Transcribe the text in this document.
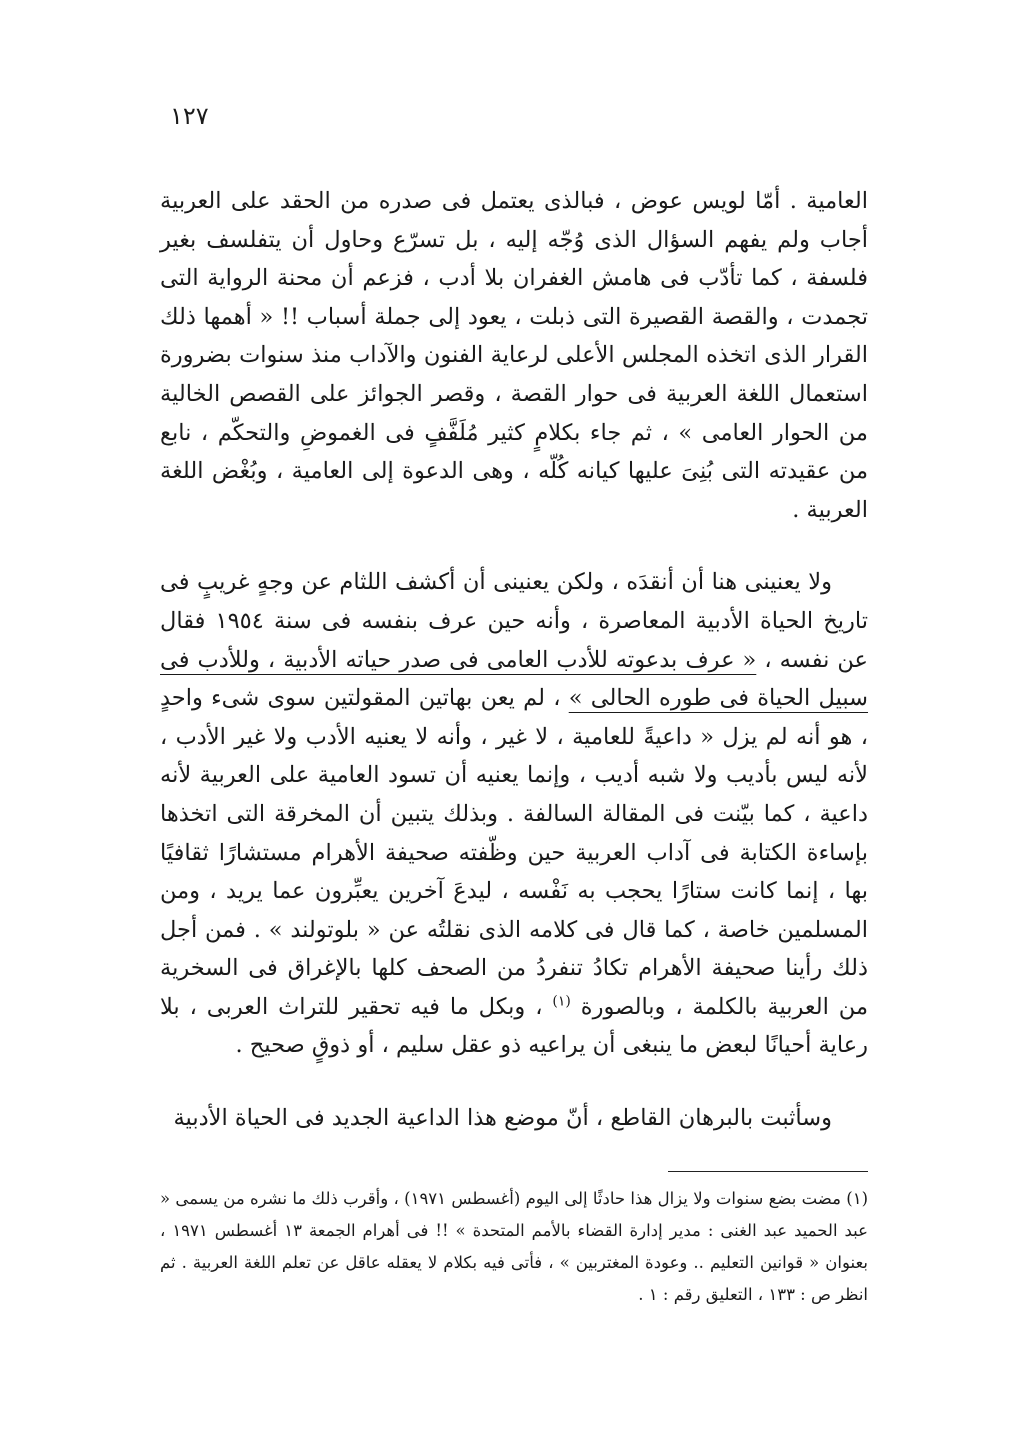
١٢٧

العامية . أمّا لويس عوض ، فبالذى يعتمل فى صدره من الحقد على العربية أجاب ولم يفهم السؤال الذى وُجّه إليه ، بل تسرّع وحاول أن يتفلسف بغير فلسفة ، كما تأدّب فى هامش الغفران بلا أدب ، فزعم أن محنة الرواية التى تجمدت ، والقصة القصيرة التى ذبلت ، يعود إلى جملة أسباب !! « أهمها ذلك القرار الذى اتخذه المجلس الأعلى لرعاية الفنون والآداب منذ سنوات بضرورة استعمال اللغة العربية فى حوار القصة ، وقصر الجوائز على القصص الخالية من الحوار العامى » ، ثم جاء بكلامٍ كثير مُلَفَّفٍ فى الغموضِ والتحكّم ، نابع من عقيدته التى بُنِىَ عليها كيانه كُلّه ، وهى الدعوة إلى العامية ، وبُغْض اللغة العربية .

ولا يعنينى هنا أن أنقدَه ، ولكن يعنينى أن أكشف اللثام عن وجهٍ غريبٍ فى تاريخ الحياة الأدبية المعاصرة ، وأنه حين عرف بنفسه فى سنة ١٩٥٤ فقال عن نفسه ، « عرف بدعوته للأدب العامى فى صدر حياته الأدبية ، وللأدب فى سبيل الحياة فى طوره الحالى » ، لم يعن بهاتين المقولتين سوى شىء واحدٍ ، هو أنه لم يزل « داعيةً للعامية ، لا غير ، وأنه لا يعنيه الأدب ولا غير الأدب ، لأنه ليس بأديب ولا شبه أديب ، وإنما يعنيه أن تسود العامية على العربية لأنه داعية ، كما بيّنت فى المقالة السالفة . وبذلك يتبين أن المخرقة التى اتخذها بإساءة الكتابة فى آداب العربية حين وظّفته صحيفة الأهرام مستشارًا ثقافيًا بها ، إنما كانت ستارًا يحجب به نَفْسه ، ليدعَ آخرين يعبِّرون عما يريد ، ومن المسلمين خاصة ، كما قال فى كلامه الذى نقلتُه عن « بلوتولند » . فمن أجل ذلك رأينا صحيفة الأهرام تكادُ تنفردُ من الصحف كلها بالإغراق فى السخرية من العربية بالكلمة ، وبالصورة $^{(١)}$ ، وبكل ما فيه تحقير للتراث العربى ، بلا رعاية أحيانًا لبعض ما ينبغى أن يراعيه ذو عقل سليم ، أو ذوقٍ صحيح .

وسأثبت بالبرهان القاطع ، أنّ موضع هذا الداعية الجديد فى الحياة الأدبية

(١) مضت بضع سنوات ولا يزال هذا حادثًا إلى اليوم (أغسطس ١٩٧١) ، وأقرب ذلك ما نشره من يسمى « عبد الحميد عبد الغنى : مدير إدارة القضاء بالأمم المتحدة » !! فى أهرام الجمعة ١٣ أغسطس ١٩٧١ ، بعنوان « قوانين التعليم .. وعودة المغتربين » ، فأتى فيه بكلام لا يعقله عاقل عن تعلم اللغة العربية . ثم انظر ص : ١٣٣ ، التعليق رقم : ١ .
